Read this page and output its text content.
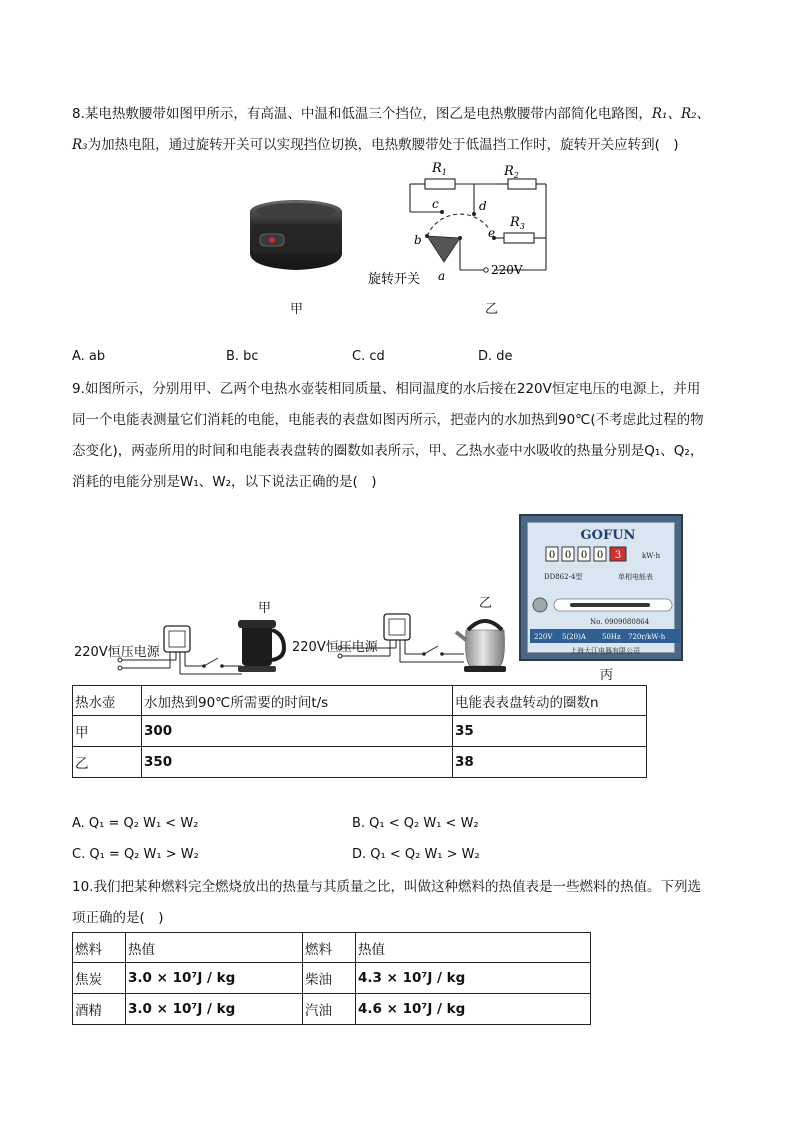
8.某电热敷腰带如图甲所示，有高温、中温和低温三个挡位，图乙是电热敷腰带内部简化电路图，R₁、R₂、
R₃为加热电阻，通过旋转开关可以实现挡位切换，电热敷腰带处于低温挡工作时，旋转开关应转到(　)
甲
$R_1$	$R_2$
$R_3$
c	d
e
b
a	220V
旋转开关
乙
A. ab	B. bc	C. cd	D. de
9.如图所示，分别用甲、乙两个电热水壶装相同质量、相同温度的水后接在220V恒定电压的电源上，并用
同一个电能表测量它们消耗的电能，电能表的表盘如图丙所示，把壶内的水加热到90℃(不考虑此过程的物
态变化)，两壶所用的时间和电能表表盘转的圈数如表所示，甲、乙热水壶中水吸收的热量分别是Q₁、Q₂，
消耗的电能分别是W₁、W₂，以下说法正确的是(　)
220V恒压电源	220V恒压电源
甲	乙
GOFUN
0 0 0 0 3	kW·h
DD862-4型	单相电能表
No. 0909080864
220V 5(20)A 50Hz 720r/kW·h
上海大江电器有限公司
丙
热水壶	水加热到90℃所需要的时间t/s	电能表表盘转动的圈数n
甲	300	35
乙	350	38
A. Q₁ = Q₂ W₁ < W₂	B. Q₁ < Q₂ W₁ < W₂
C. Q₁ = Q₂ W₁ > W₂	D. Q₁ < Q₂ W₁ > W₂
10.我们把某种燃料完全燃烧放出的热量与其质量之比，叫做这种燃料的热值表是一些燃料的热值。下列选
项正确的是(　)
燃料	热值	燃料	热值
焦炭	3.0 × 10⁷J / kg	柴油	4.3 × 10⁷J / kg
酒精	3.0 × 10⁷J / kg	汽油	4.6 × 10⁷J / kg
